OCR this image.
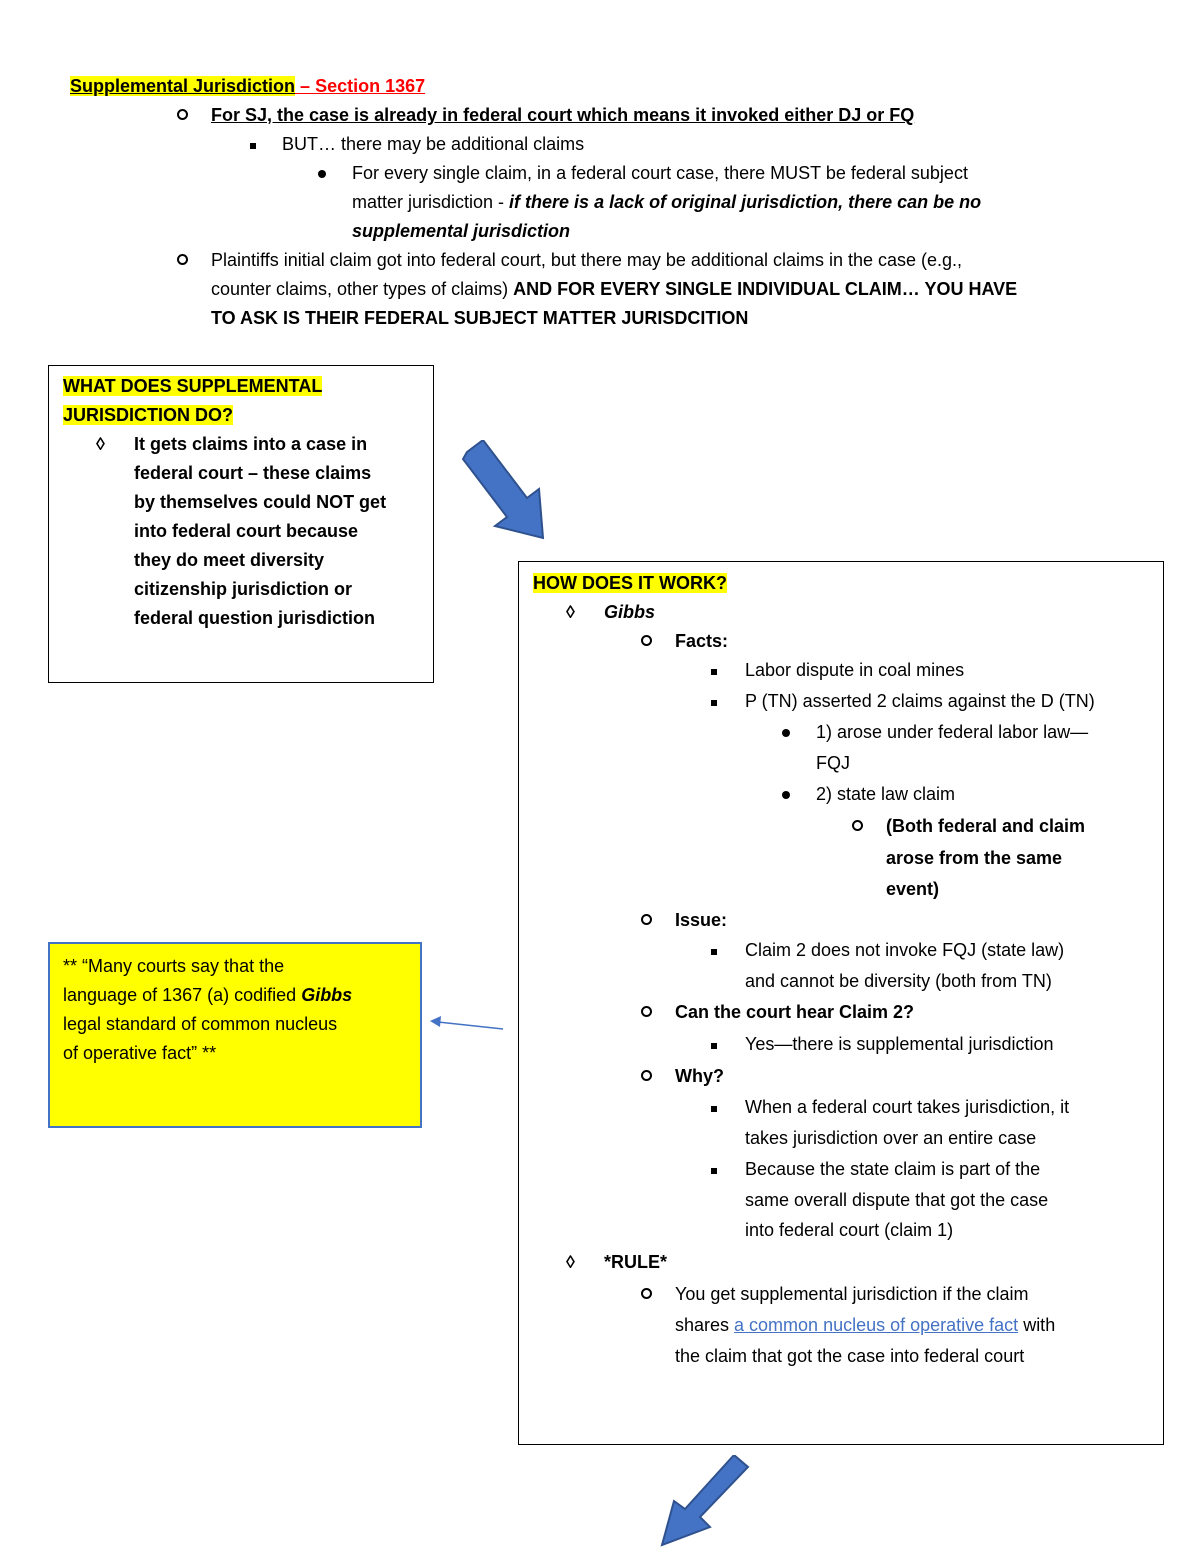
Supplemental Jurisdiction – Section 1367
For SJ, the case is already in federal court which means it invoked either DJ or FQ
BUT… there may be additional claims
For every single claim, in a federal court case, there MUST be federal subject
matter jurisdiction - if there is a lack of original jurisdiction, there can be no
supplemental jurisdiction
Plaintiffs initial claim got into federal court, but there may be additional claims in the case (e.g.,
counter claims, other types of claims) AND FOR EVERY SINGLE INDIVIDUAL CLAIM… YOU HAVE
TO ASK IS THEIR FEDERAL SUBJECT MATTER JURISDCITION
WHAT DOES SUPPLEMENTAL
JURISDICTION DO?
◊ It gets claims into a case in
federal court – these claims
by themselves could NOT get
into federal court because
they do meet diversity
citizenship jurisdiction or
federal question jurisdiction
** “Many courts say that the
language of 1367 (a) codified Gibbs
legal standard of common nucleus
of operative fact” **
HOW DOES IT WORK?
◊ Gibbs
Facts:
Labor dispute in coal mines
P (TN) asserted 2 claims against the D (TN)
1) arose under federal labor law—
FQJ
2) state law claim
(Both federal and claim
arose from the same
event)
Issue:
Claim 2 does not invoke FQJ (state law)
and cannot be diversity (both from TN)
Can the court hear Claim 2?
Yes—there is supplemental jurisdiction
Why?
When a federal court takes jurisdiction, it
takes jurisdiction over an entire case
Because the state claim is part of the
same overall dispute that got the case
into federal court (claim 1)
◊ *RULE*
You get supplemental jurisdiction if the claim
shares a common nucleus of operative fact with
the claim that got the case into federal court
